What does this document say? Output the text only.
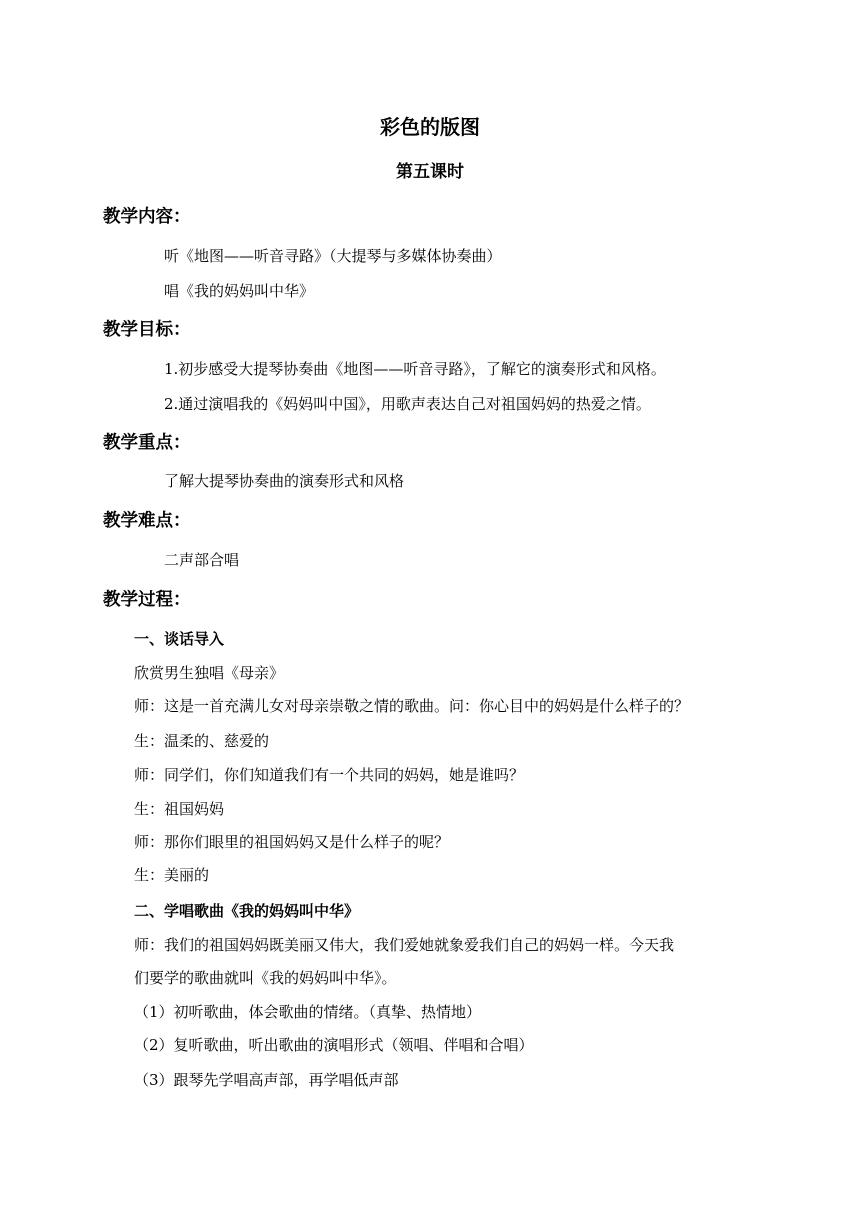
彩色的版图
第五课时
教学内容：
听《地图——听音寻路》（大提琴与多媒体协奏曲）
唱《我的妈妈叫中华》
教学目标：
1.初步感受大提琴协奏曲《地图——听音寻路》，了解它的演奏形式和风格。
2.通过演唱我的《妈妈叫中国》，用歌声表达自己对祖国妈妈的热爱之情。
教学重点：
了解大提琴协奏曲的演奏形式和风格
教学难点：
二声部合唱
教学过程：
一、谈话导入
欣赏男生独唱《母亲》
师：这是一首充满儿女对母亲崇敬之情的歌曲。问：你心目中的妈妈是什么样子的？
生：温柔的、慈爱的
师：同学们，你们知道我们有一个共同的妈妈，她是谁吗？
生：祖国妈妈
师：那你们眼里的祖国妈妈又是什么样子的呢？
生：美丽的
二、学唱歌曲《我的妈妈叫中华》
师：我们的祖国妈妈既美丽又伟大，我们爱她就象爱我们自己的妈妈一样。今天我
们要学的歌曲就叫《我的妈妈叫中华》。
（1）初听歌曲，体会歌曲的情绪。（真挚、热情地）
（2）复听歌曲，听出歌曲的演唱形式（领唱、伴唱和合唱）
（3）跟琴先学唱高声部，再学唱低声部
